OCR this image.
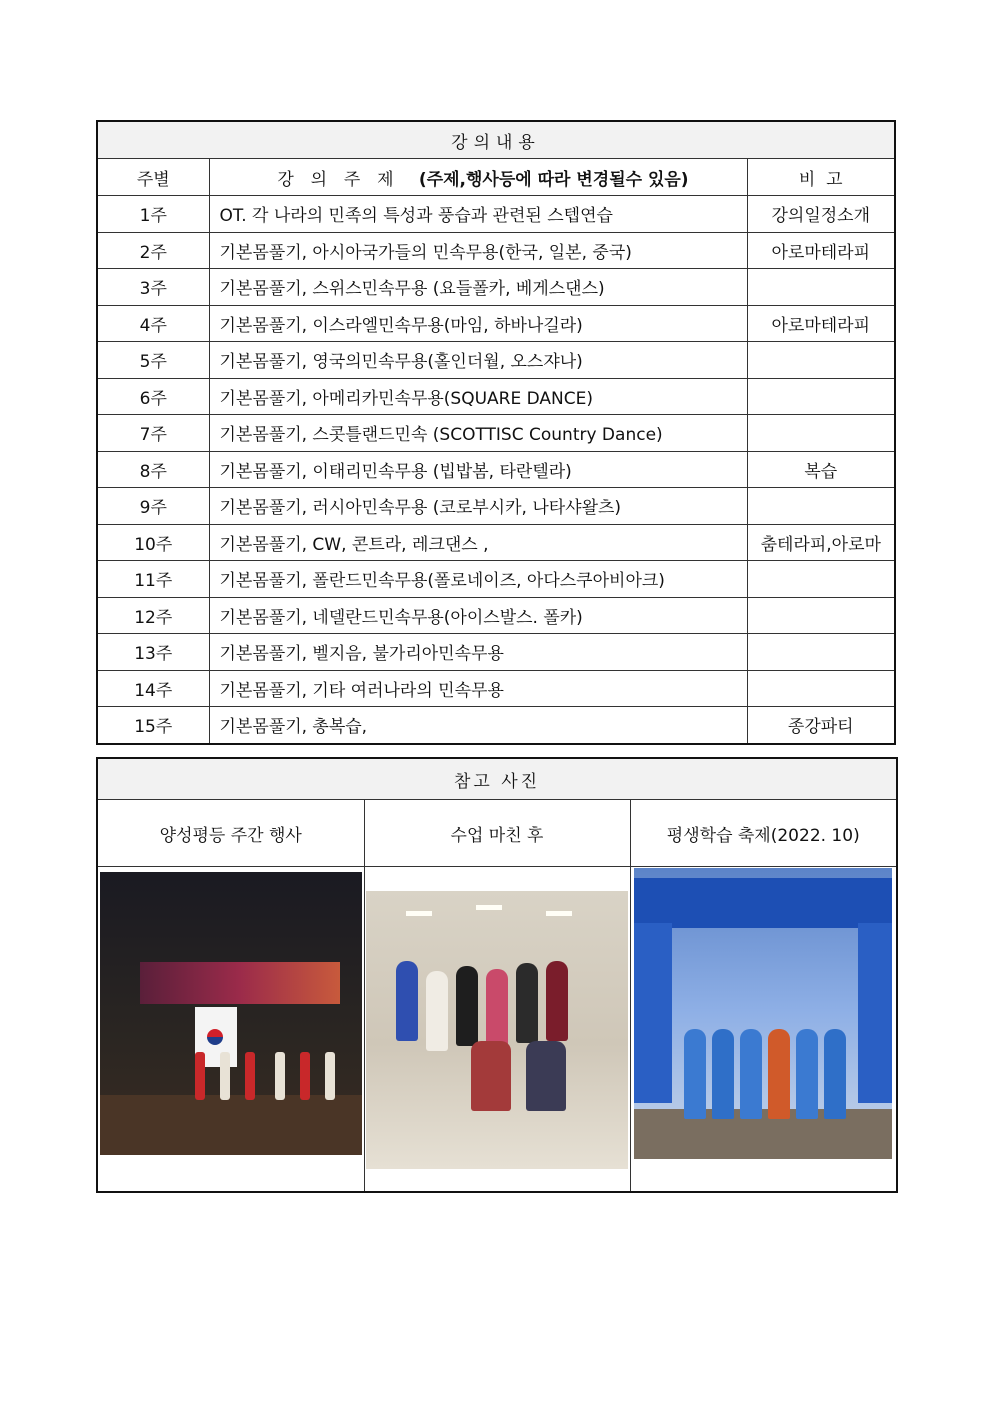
강의내용		
주별	강  의  주  제 (주제,행사등에 따라 변경될수 있음)	비  고
1주	OT. 각 나라의 민족의 특성과 풍습과 관련된 스텝연습	강의일정소개
2주	기본몸풀기, 아시아국가들의 민속무용(한국, 일본, 중국)	아로마테라피
3주	기본몸풀기, 스위스민속무용 (요들폴카, 베게스댄스)	
4주	기본몸풀기, 이스라엘민속무용(마임, 하바나길라)	아로마테라피
5주	기본몸풀기, 영국의민속무용(홀인더월, 오스쟈나)	
6주	기본몸풀기, 아메리카민속무용(SQUARE DANCE)	
7주	기본몸풀기, 스콧틀랜드민속 (SCOTTISC Country Dance)	
8주	기본몸풀기, 이태리민속무용 (빕밥봄, 타란텔라)	복습
9주	기본몸풀기, 러시아민속무용 (코로부시카, 나타샤왈츠)	
10주	기본몸풀기, CW, 콘트라, 레크댄스 ,	춤테라피,아로마
11주	기본몸풀기, 폴란드민속무용(폴로네이즈, 아다스쿠아비아크)	
12주	기본몸풀기, 네델란드민속무용(아이스발스. 폴카)	
13주	기본몸풀기, 벨지음, 불가리아민속무용	
14주	기본몸풀기, 기타 여러나라의 민속무용	
15주	기본몸풀기, 총복습,	종강파티
참고 사진		
양성평등 주간 행사	수업 마친 후	평생학습 축제(2022. 10)
